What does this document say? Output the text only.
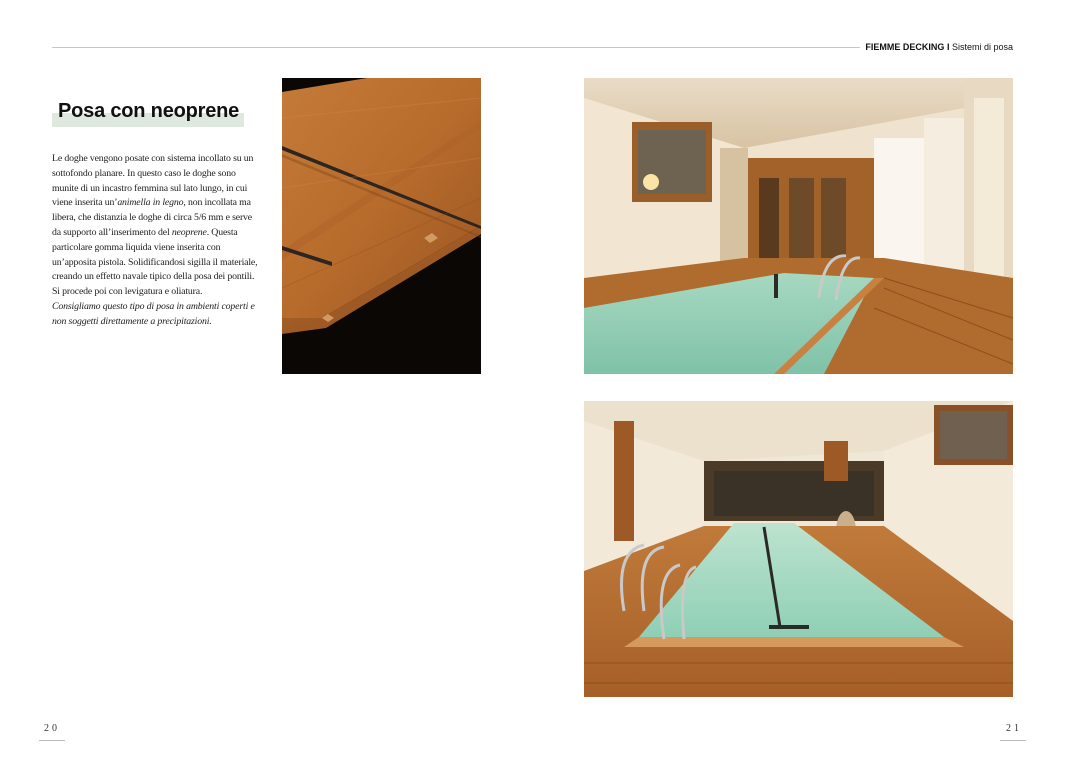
FIEMME DECKING I Sistemi di posa
Posa con neoprene

Le doghe vengono posate con sistema incollato su un sottofondo planare. In questo caso le doghe sono munite di un incastro femmina sul lato lungo, in cui viene inserita un’animella in legno, non incollata ma libera, che distanzia le doghe di circa 5/6 mm e serve da supporto all’inserimento del neoprene. Questa particolare gomma liquida viene inserita con un’apposita pistola. Solidificandosi sigilla il materiale, creando un effetto navale tipico della posa dei pontili. Si procede poi con levigatura e oliatura.

Consigliamo questo tipo di posa in ambienti coperti e non soggetti direttamente a precipitazioni.

20	21
